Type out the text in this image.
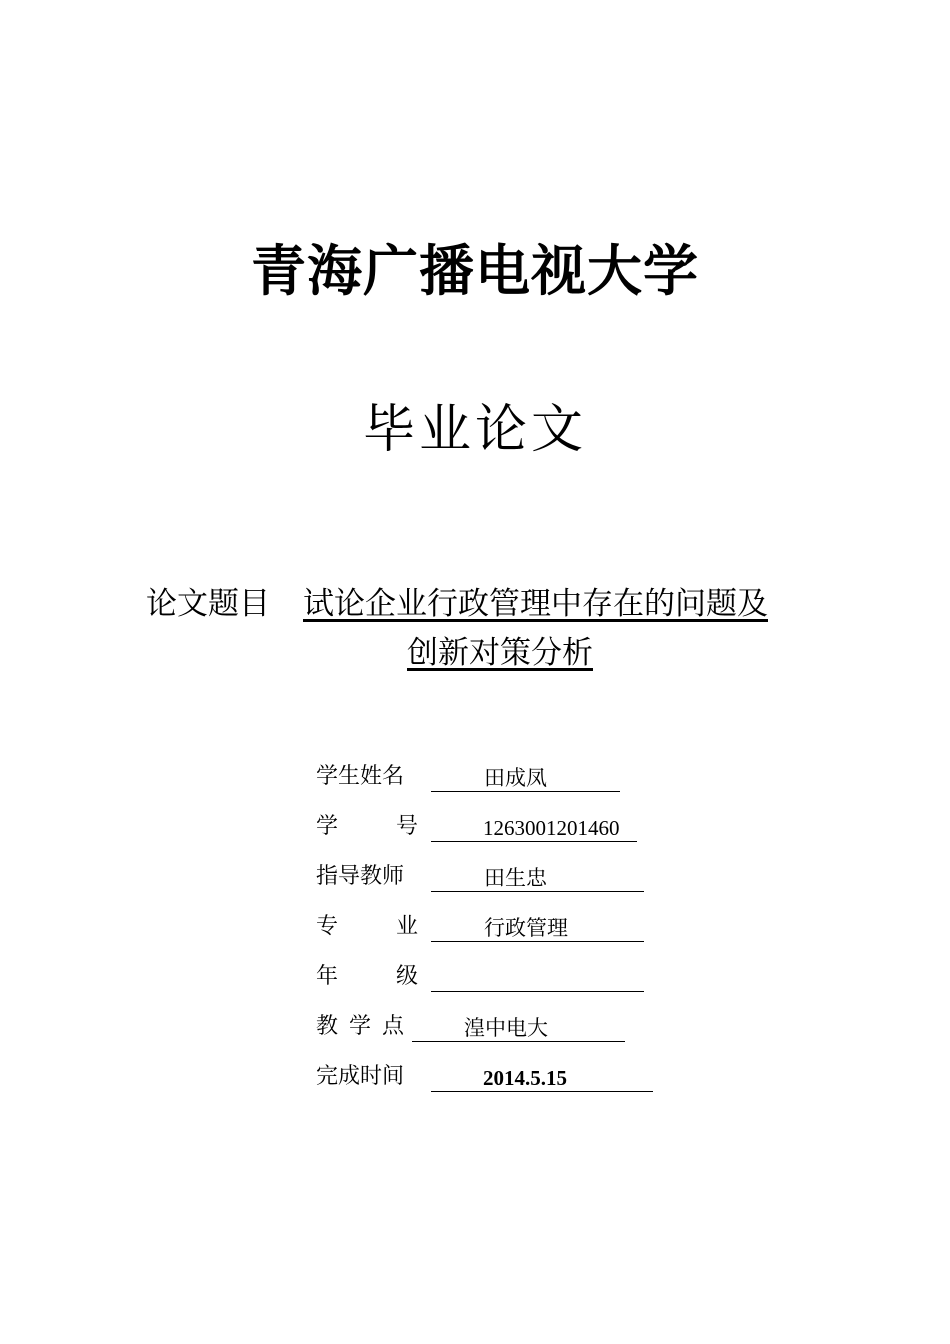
青海广播电视大学
毕业论文
论文题目 试论企业行政管理中存在的问题及
创新对策分析
学生姓名	田成凤
学	号	1263001201460
指导教师	田生忠
专	业	行政管理
年	级
教 学 点	湟中电大
完成时间	2014.5.15
